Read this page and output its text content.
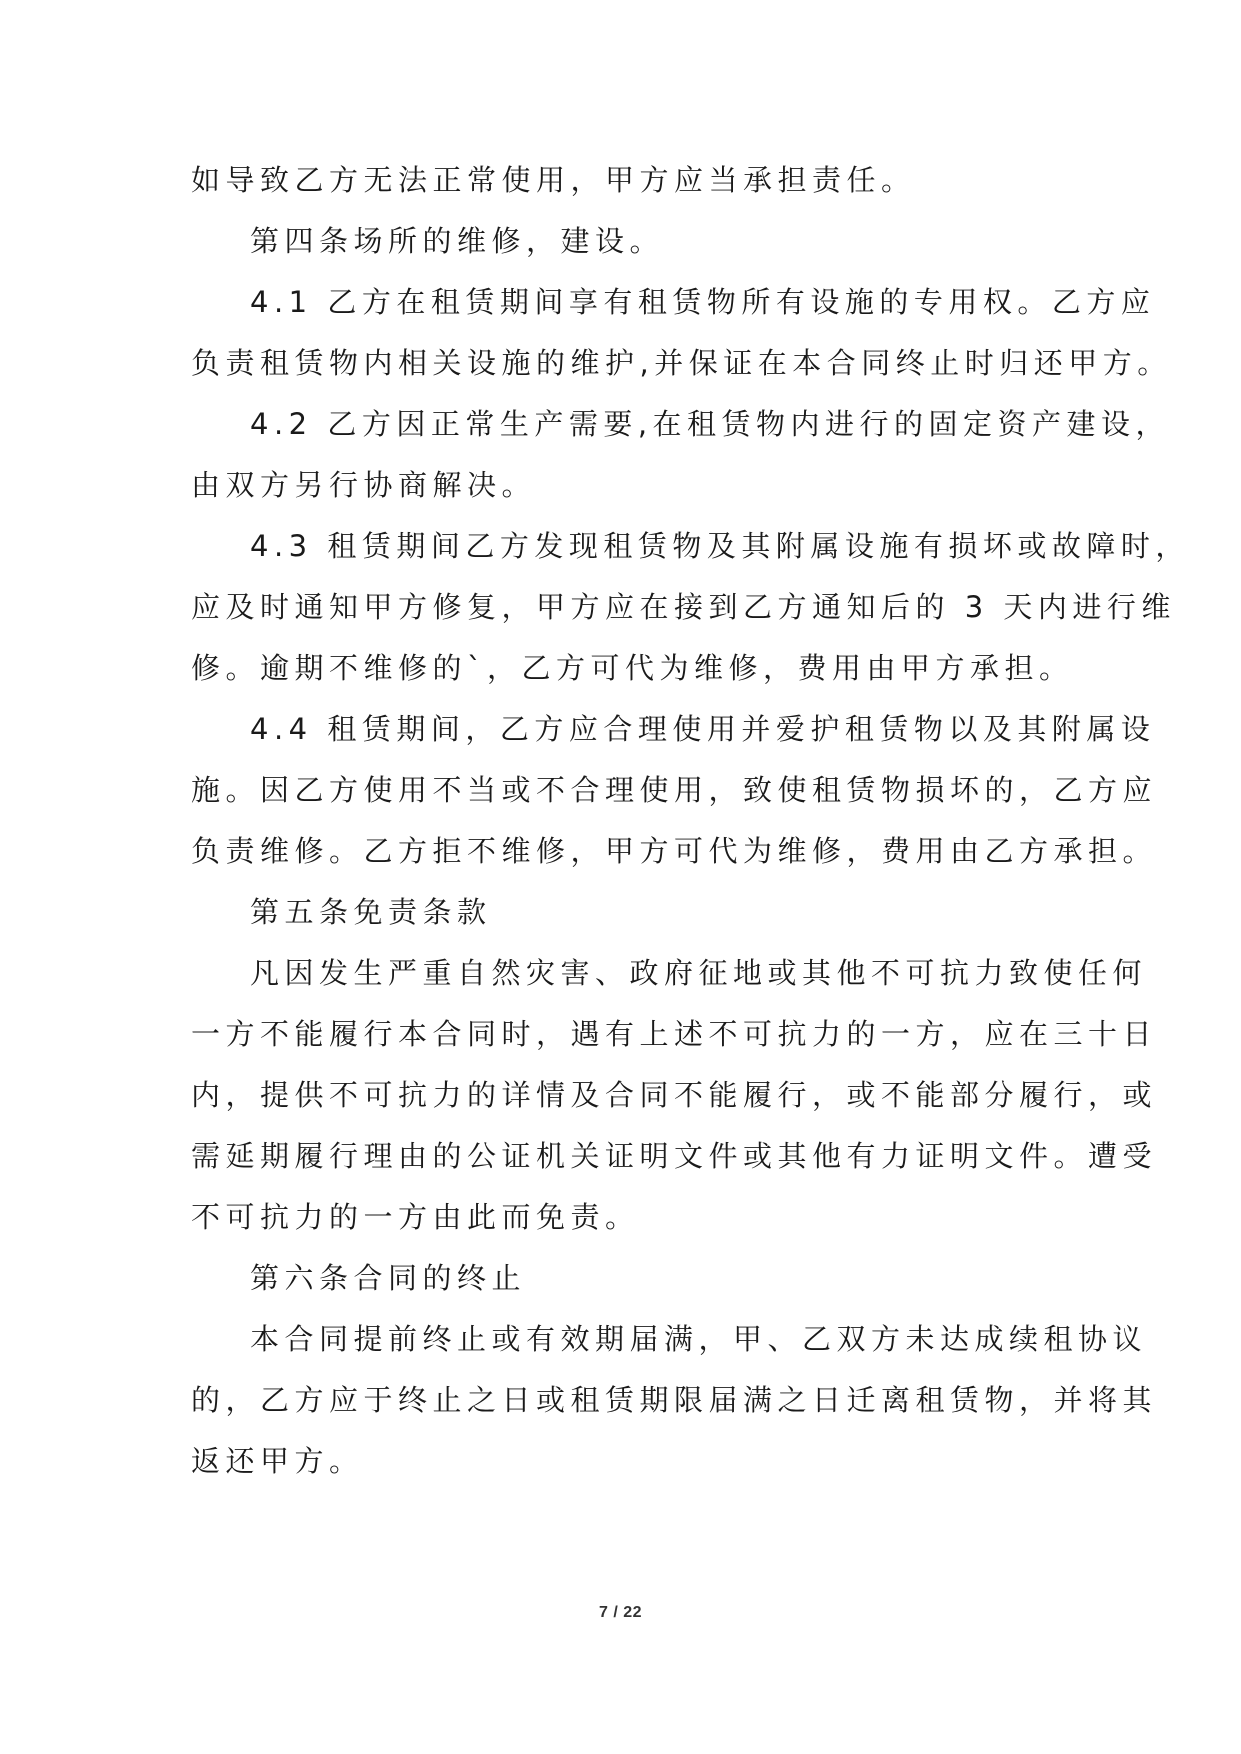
如导致乙方无法正常使用，甲方应当承担责任。
第四条场所的维修，建设。
4.1 乙方在租赁期间享有租赁物所有设施的专用权。乙方应
负责租赁物内相关设施的维护,并保证在本合同终止时归还甲方。
4.2 乙方因正常生产需要,在租赁物内进行的固定资产建设，
由双方另行协商解决。
4.3 租赁期间乙方发现租赁物及其附属设施有损坏或故障时，
应及时通知甲方修复，甲方应在接到乙方通知后的 3 天内进行维
修。逾期不维修的`，乙方可代为维修，费用由甲方承担。
4.4 租赁期间，乙方应合理使用并爱护租赁物以及其附属设
施。因乙方使用不当或不合理使用，致使租赁物损坏的，乙方应
负责维修。乙方拒不维修，甲方可代为维修，费用由乙方承担。
第五条免责条款
凡因发生严重自然灾害、政府征地或其他不可抗力致使任何
一方不能履行本合同时，遇有上述不可抗力的一方，应在三十日
内，提供不可抗力的详情及合同不能履行，或不能部分履行，或
需延期履行理由的公证机关证明文件或其他有力证明文件。遭受
不可抗力的一方由此而免责。
第六条合同的终止
本合同提前终止或有效期届满，甲、乙双方未达成续租协议
的，乙方应于终止之日或租赁期限届满之日迁离租赁物，并将其
返还甲方。
7 / 22
